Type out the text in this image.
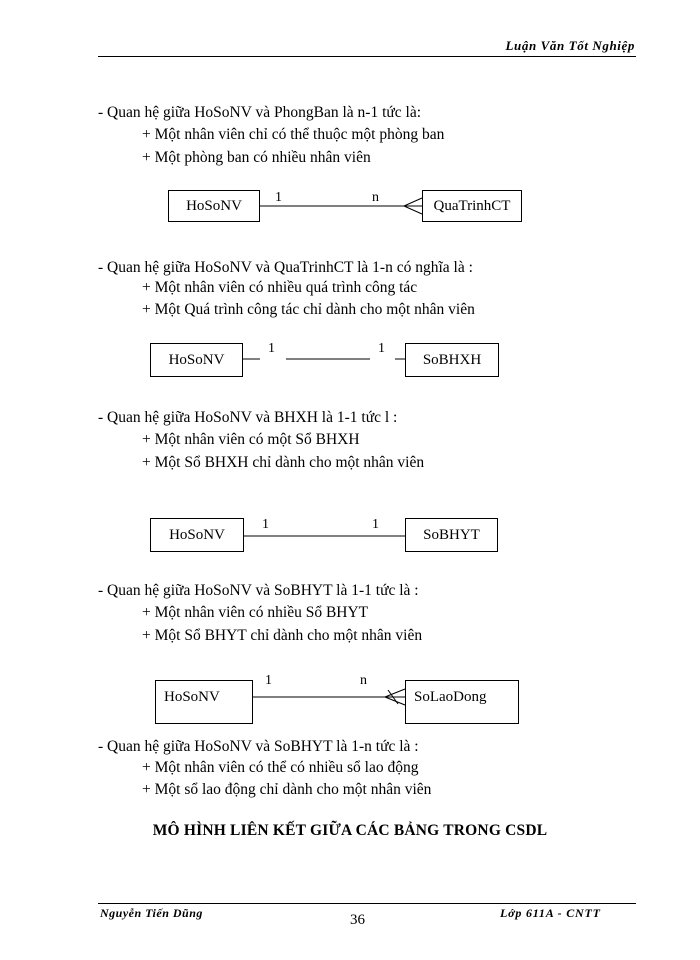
Luận Văn Tốt Nghiệp
- Quan hệ giữa HoSoNV và PhongBan là n-1 tức là:
+ Một nhân viên chỉ có thể thuộc một phòng ban
+ Một phòng ban có nhiều nhân viên
HoSoNV	QuaTrinhCT
1	n
- Quan hệ giữa HoSoNV và QuaTrinhCT là 1-n có nghĩa là :
+ Một nhân viên có nhiều quá trình công tác
+ Một Quá trình công tác chỉ dành cho một nhân viên
HoSoNV	SoBHXH
1	1
- Quan hệ giữa HoSoNV và BHXH là 1-1 tức l :
+ Một nhân viên có một Sổ BHXH
+ Một Sổ BHXH chỉ dành cho một nhân viên
HoSoNV	SoBHYT
1	1
- Quan hệ giữa HoSoNV và SoBHYT là 1-1 tức là :
+ Một nhân viên có nhiều Sổ BHYT
+ Một Sổ BHYT chỉ dành cho một nhân viên
HoSoNV	SoLaoDong
1	n
- Quan hệ giữa HoSoNV và SoBHYT là 1-n tức là :
+ Một nhân viên có thể có nhiều sổ lao động
+ Một sổ lao động chỉ dành cho một nhân viên
MÔ HÌNH LIÊN KẾT GIỮA CÁC BẢNG TRONG CSDL
Nguyễn Tiến Dũng	36	Lớp 611A - CNTT
